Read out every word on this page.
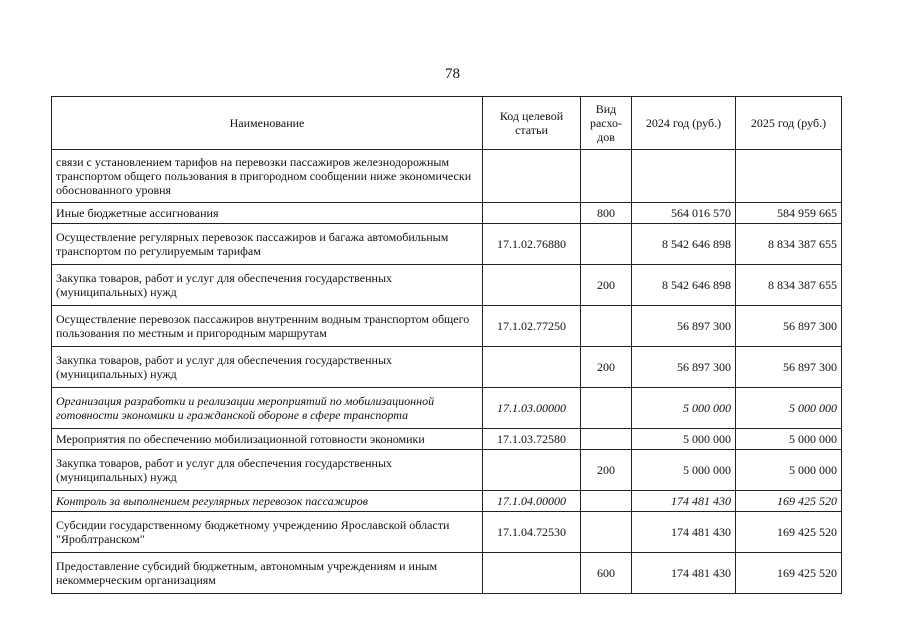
78
Наименование	Код целевой статьи	Вид расхо-дов	2024 год (руб.)	2025 год (руб.)
связи с установлением тарифов на перевозки пассажиров железнодорожным транспортом общего пользования в пригородном сообщении ниже экономически обоснованного уровня				
Иные бюджетные ассигнования		800	564 016 570	584 959 665
Осуществление регулярных перевозок пассажиров и багажа автомобильным транспортом по регулируемым тарифам	17.1.02.76880		8 542 646 898	8 834 387 655
Закупка товаров, работ и услуг для обеспечения государственных (муниципальных) нужд		200	8 542 646 898	8 834 387 655
Осуществление перевозок пассажиров внутренним водным транспортом общего пользования по местным и пригородным маршрутам	17.1.02.77250		56 897 300	56 897 300
Закупка товаров, работ и услуг для обеспечения государственных (муниципальных) нужд		200	56 897 300	56 897 300
Организация разработки и реализации мероприятий по мобилизационной готовности экономики и гражданской обороне в сфере транспорта	17.1.03.00000		5 000 000	5 000 000
Мероприятия по обеспечению мобилизационной готовности экономики	17.1.03.72580		5 000 000	5 000 000
Закупка товаров, работ и услуг для обеспечения государственных (муниципальных) нужд		200	5 000 000	5 000 000
Контроль за выполнением регулярных перевозок пассажиров	17.1.04.00000		174 481 430	169 425 520
Субсидии государственному бюджетному учреждению Ярославской области "Яроблтранском"	17.1.04.72530		174 481 430	169 425 520
Предоставление субсидий бюджетным, автономным учреждениям и иным некоммерческим организациям		600	174 481 430	169 425 520
